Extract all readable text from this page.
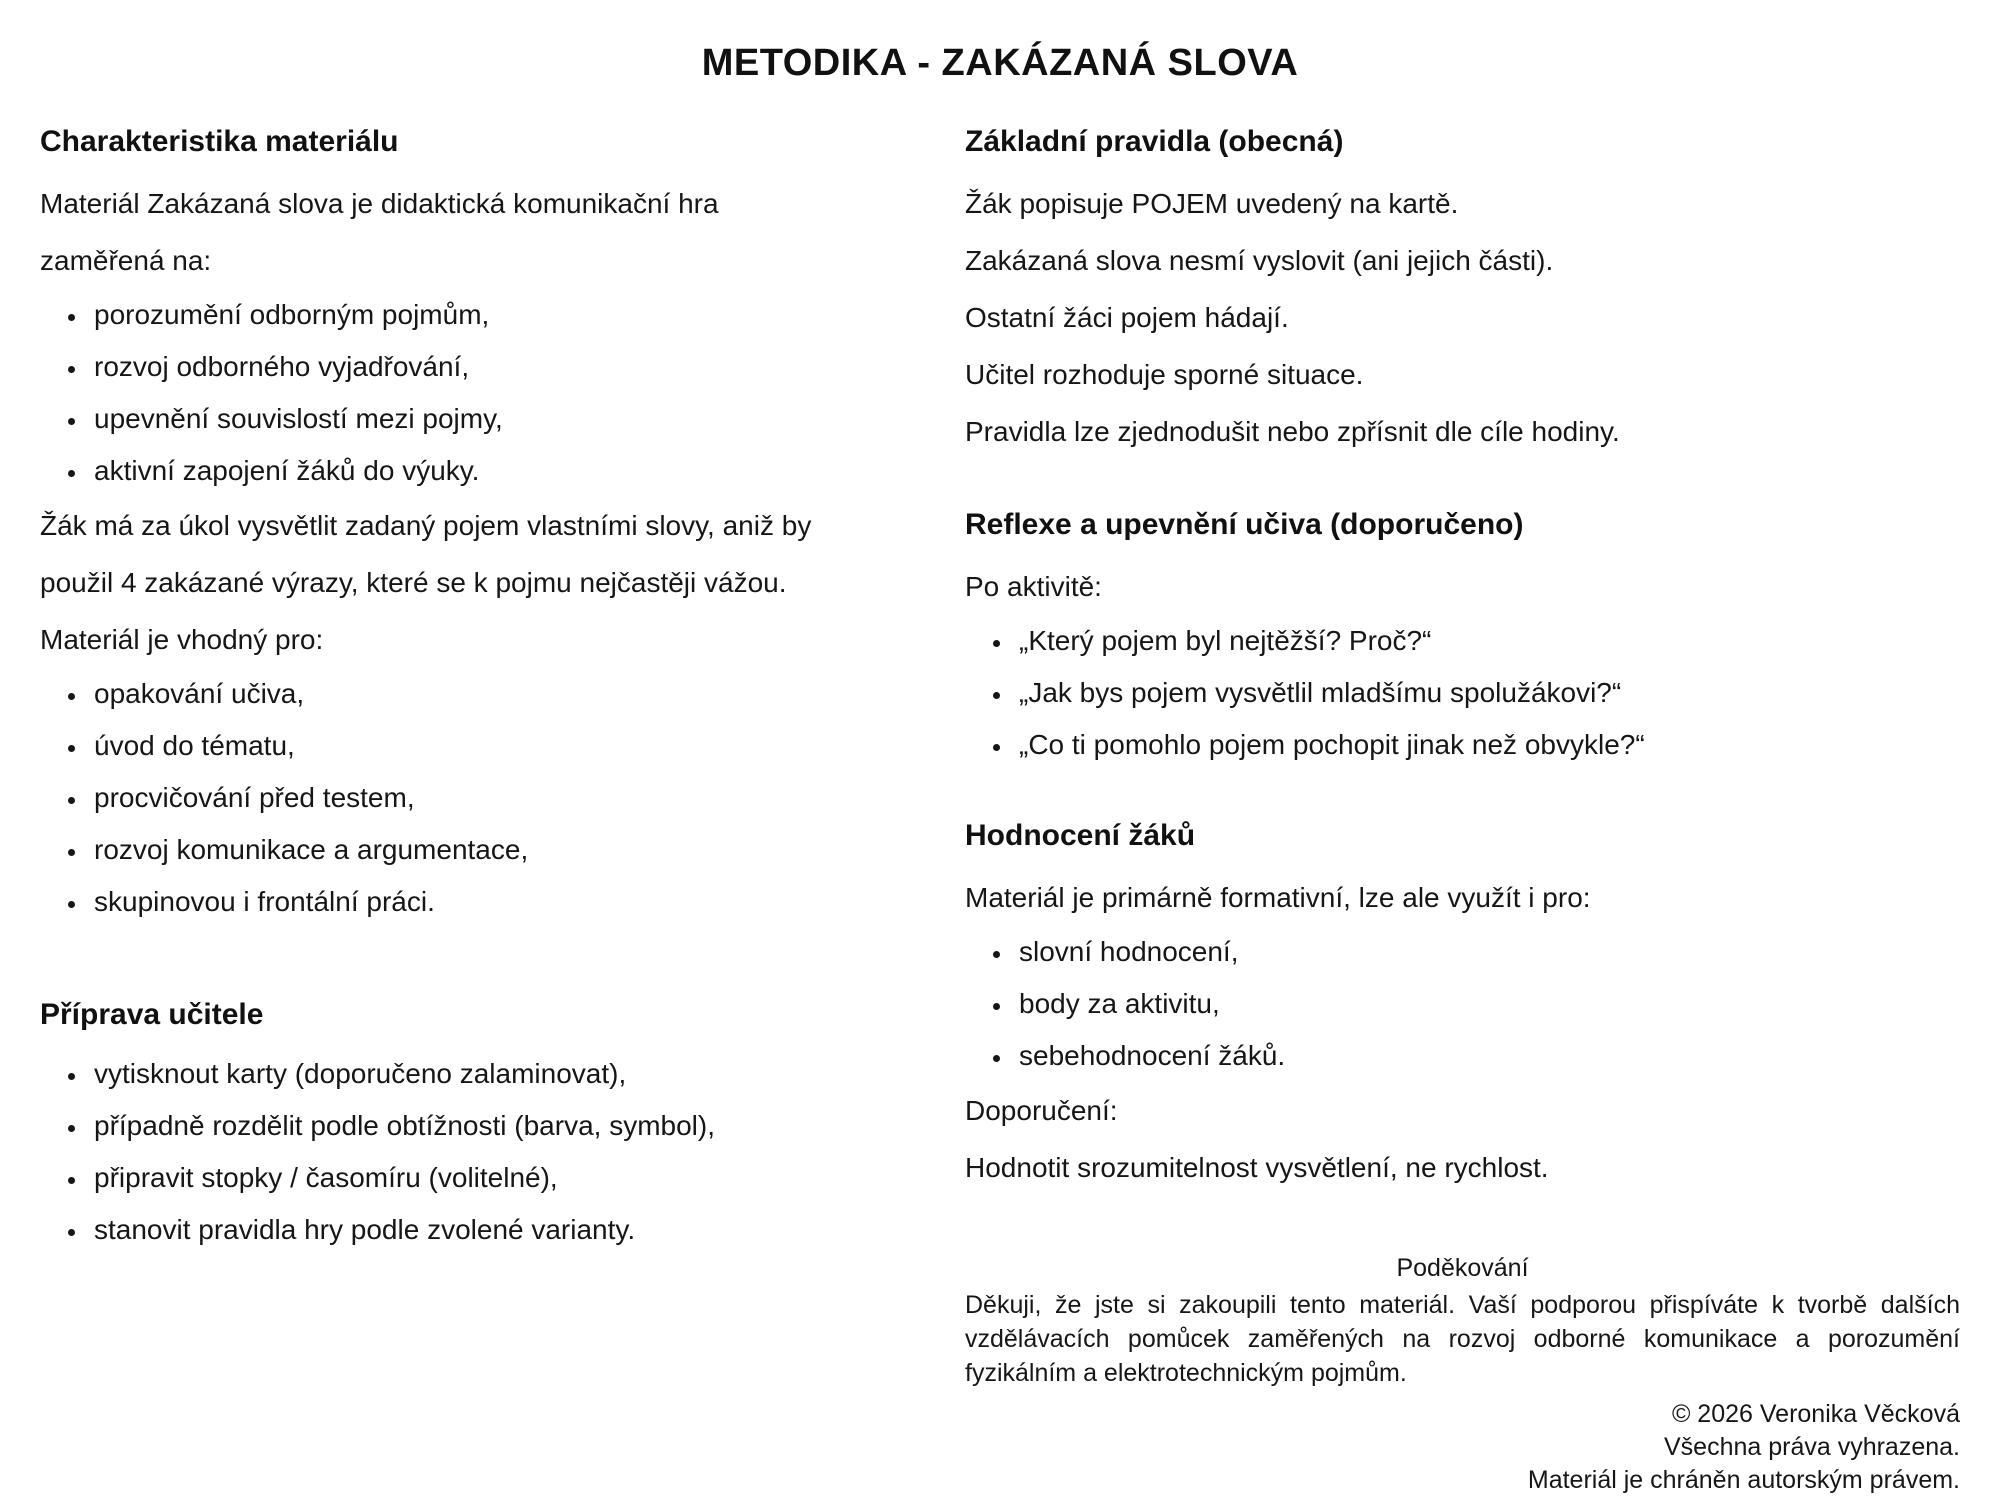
METODIKA - ZAKÁZANÁ SLOVA
Charakteristika materiálu
Materiál Zakázaná slova je didaktická komunikační hra
zaměřená na:
• porozumění odborným pojmům,
• rozvoj odborného vyjadřování,
• upevnění souvislostí mezi pojmy,
• aktivní zapojení žáků do výuky.
Žák má za úkol vysvětlit zadaný pojem vlastními slovy, aniž by
použil 4 zakázané výrazy, které se k pojmu nejčastěji vážou.
Materiál je vhodný pro:
• opakování učiva,
• úvod do tématu,
• procvičování před testem,
• rozvoj komunikace a argumentace,
• skupinovou i frontální práci.
Příprava učitele
• vytisknout karty (doporučeno zalaminovat),
• případně rozdělit podle obtížnosti (barva, symbol),
• připravit stopky / časomíru (volitelné),
• stanovit pravidla hry podle zvolené varianty.
Základní pravidla (obecná)
Žák popisuje POJEM uvedený na kartě.
Zakázaná slova nesmí vyslovit (ani jejich části).
Ostatní žáci pojem hádají.
Učitel rozhoduje sporné situace.
Pravidla lze zjednodušit nebo zpřísnit dle cíle hodiny.
Reflexe a upevnění učiva (doporučeno)
Po aktivitě:
• „Který pojem byl nejtěžší? Proč?“
• „Jak bys pojem vysvětlil mladšímu spolužákovi?“
• „Co ti pomohlo pojem pochopit jinak než obvykle?“
Hodnocení žáků
Materiál je primárně formativní, lze ale využít i pro:
• slovní hodnocení,
• body za aktivitu,
• sebehodnocení žáků.
Doporučení:
Hodnotit srozumitelnost vysvětlení, ne rychlost.
Poděkování

Děkuji, že jste si zakoupili tento materiál. Vaší podporou přispíváte k tvorbě dalších vzdělávacích pomůcek zaměřených na rozvoj odborné komunikace a porozumění fyzikálním a elektrotechnickým pojmům.

© 2026 Veronika Věcková
Všechna práva vyhrazena.
Materiál je chráněn autorským právem.
